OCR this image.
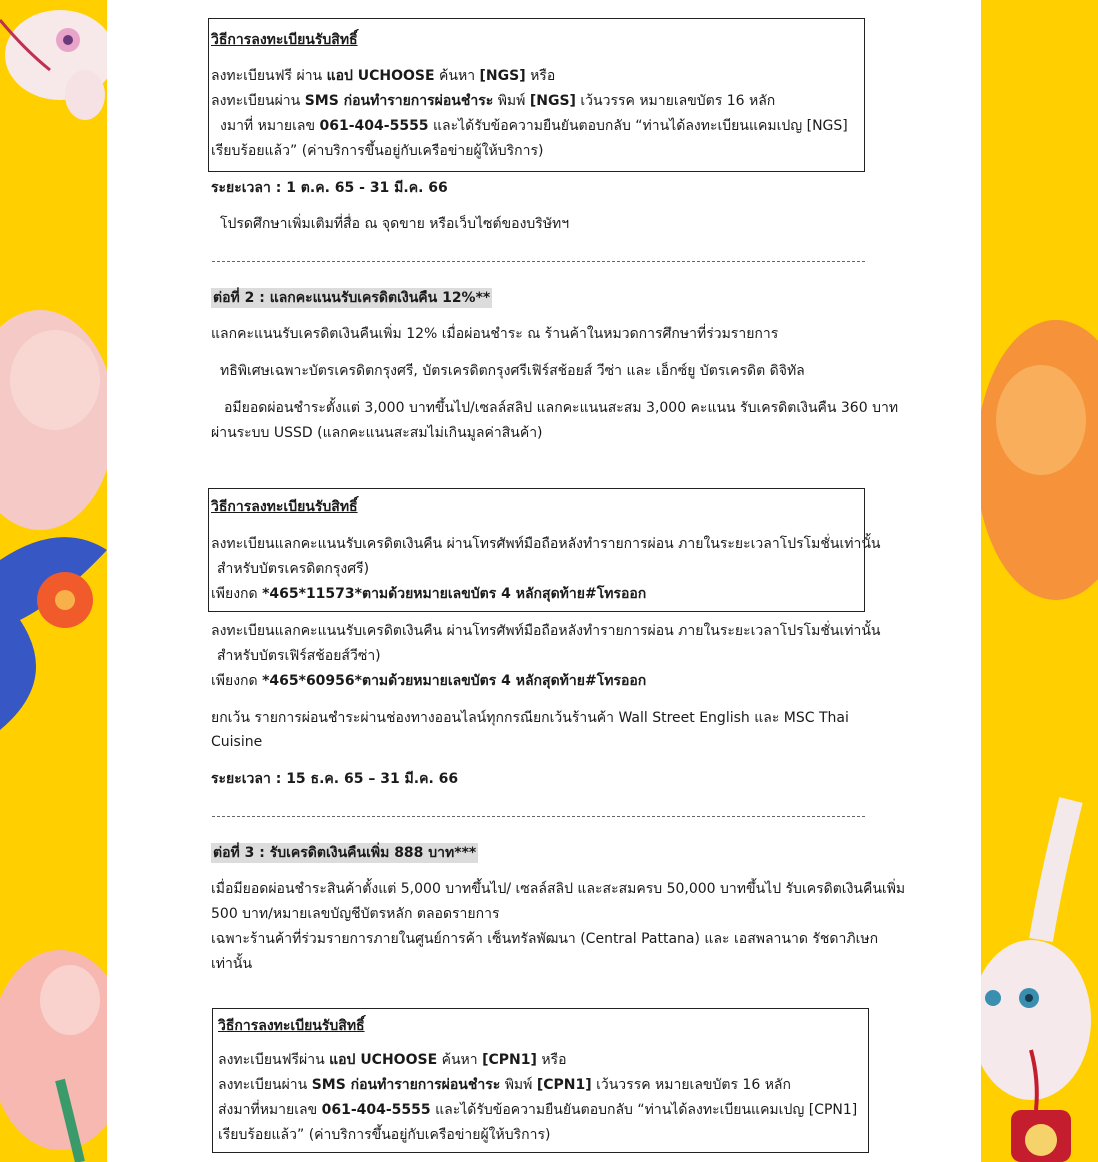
วิธีการลงทะเบียนรับสิทธิ์
ลงทะเบียนฟรี ผ่าน แอป UCHOOSE ค้นหา [NGS] หรือ
ลงทะเบียนผ่าน SMS ก่อนทำรายการผ่อนชำระ พิมพ์ [NGS] เว้นวรรค หมายเลขบัตร 16 หลัก
งมาที่ หมายเลข 061-404-5555 และได้รับข้อความยืนยันตอบกลับ “ท่านได้ลงทะเบียนแคมเปญ [NGS]
เรียบร้อยแล้ว” (ค่าบริการขึ้นอยู่กับเครือข่ายผู้ให้บริการ)
ระยะเวลา : 1 ต.ค. 65 - 31 มี.ค. 66
โปรดศึกษาเพิ่มเติมที่สื่อ ณ จุดขาย หรือเว็บไซต์ของบริษัทฯ
ต่อที่ 2 : แลกคะแนนรับเครดิตเงินคืน 12%**
แลกคะแนนรับเครดิตเงินคืนเพิ่ม 12% เมื่อผ่อนชำระ ณ ร้านค้าในหมวดการศึกษาที่ร่วมรายการ
ทธิพิเศษเฉพาะบัตรเครดิตกรุงศรี, บัตรเครดิตกรุงศรีเฟิร์สช้อยส์ วีซ่า และ เอ็กซ์ยู บัตรเครดิต ดิจิทัล
อมียอดผ่อนชำระตั้งแต่ 3,000 บาทขึ้นไป/เซลล์สลิป แลกคะแนนสะสม 3,000 คะแนน รับเครดิตเงินคืน 360 บาท
ผ่านระบบ USSD (แลกคะแนนสะสมไม่เกินมูลค่าสินค้า)
วิธีการลงทะเบียนรับสิทธิ์
ลงทะเบียนแลกคะแนนรับเครดิตเงินคืน ผ่านโทรศัพท์มือถือหลังทำรายการผ่อน ภายในระยะเวลาโปรโมชั่นเท่านั้น
สำหรับบัตรเครดิตกรุงศรี)
เพียงกด *465*11573*ตามด้วยหมายเลขบัตร 4 หลักสุดท้าย#โทรออก
ลงทะเบียนแลกคะแนนรับเครดิตเงินคืน ผ่านโทรศัพท์มือถือหลังทำรายการผ่อน ภายในระยะเวลาโปรโมชั่นเท่านั้น
สำหรับบัตรเฟิร์สช้อยส์วีซ่า)
เพียงกด *465*60956*ตามด้วยหมายเลขบัตร 4 หลักสุดท้าย#โทรออก
ยกเว้น รายการผ่อนชำระผ่านช่องทางออนไลน์ทุกกรณียกเว้นร้านค้า Wall Street English และ MSC Thai
Cuisine
ระยะเวลา : 15 ธ.ค. 65 – 31 มี.ค. 66
ต่อที่ 3 : รับเครดิตเงินคืนเพิ่ม 888 บาท***
เมื่อมียอดผ่อนชำระสินค้าตั้งแต่ 5,000 บาทขึ้นไป/ เซลล์สลิป และสะสมครบ 50,000 บาทขึ้นไป รับเครดิตเงินคืนเพิ่ม
500 บาท/หมายเลขบัญชีบัตรหลัก ตลอดรายการ
เฉพาะร้านค้าที่ร่วมรายการภายในศูนย์การค้า เซ็นทรัลพัฒนา (Central Pattana) และ เอสพลานาด รัชดาภิเษก
เท่านั้น
วิธีการลงทะเบียนรับสิทธิ์
ลงทะเบียนฟรีผ่าน แอป UCHOOSE ค้นหา [CPN1] หรือ
ลงทะเบียนผ่าน SMS ก่อนทำรายการผ่อนชำระ พิมพ์ [CPN1] เว้นวรรค หมายเลขบัตร 16 หลัก
ส่งมาที่หมายเลข 061-404-5555 และได้รับข้อความยืนยันตอบกลับ “ท่านได้ลงทะเบียนแคมเปญ [CPN1]
เรียบร้อยแล้ว” (ค่าบริการขึ้นอยู่กับเครือข่ายผู้ให้บริการ)
